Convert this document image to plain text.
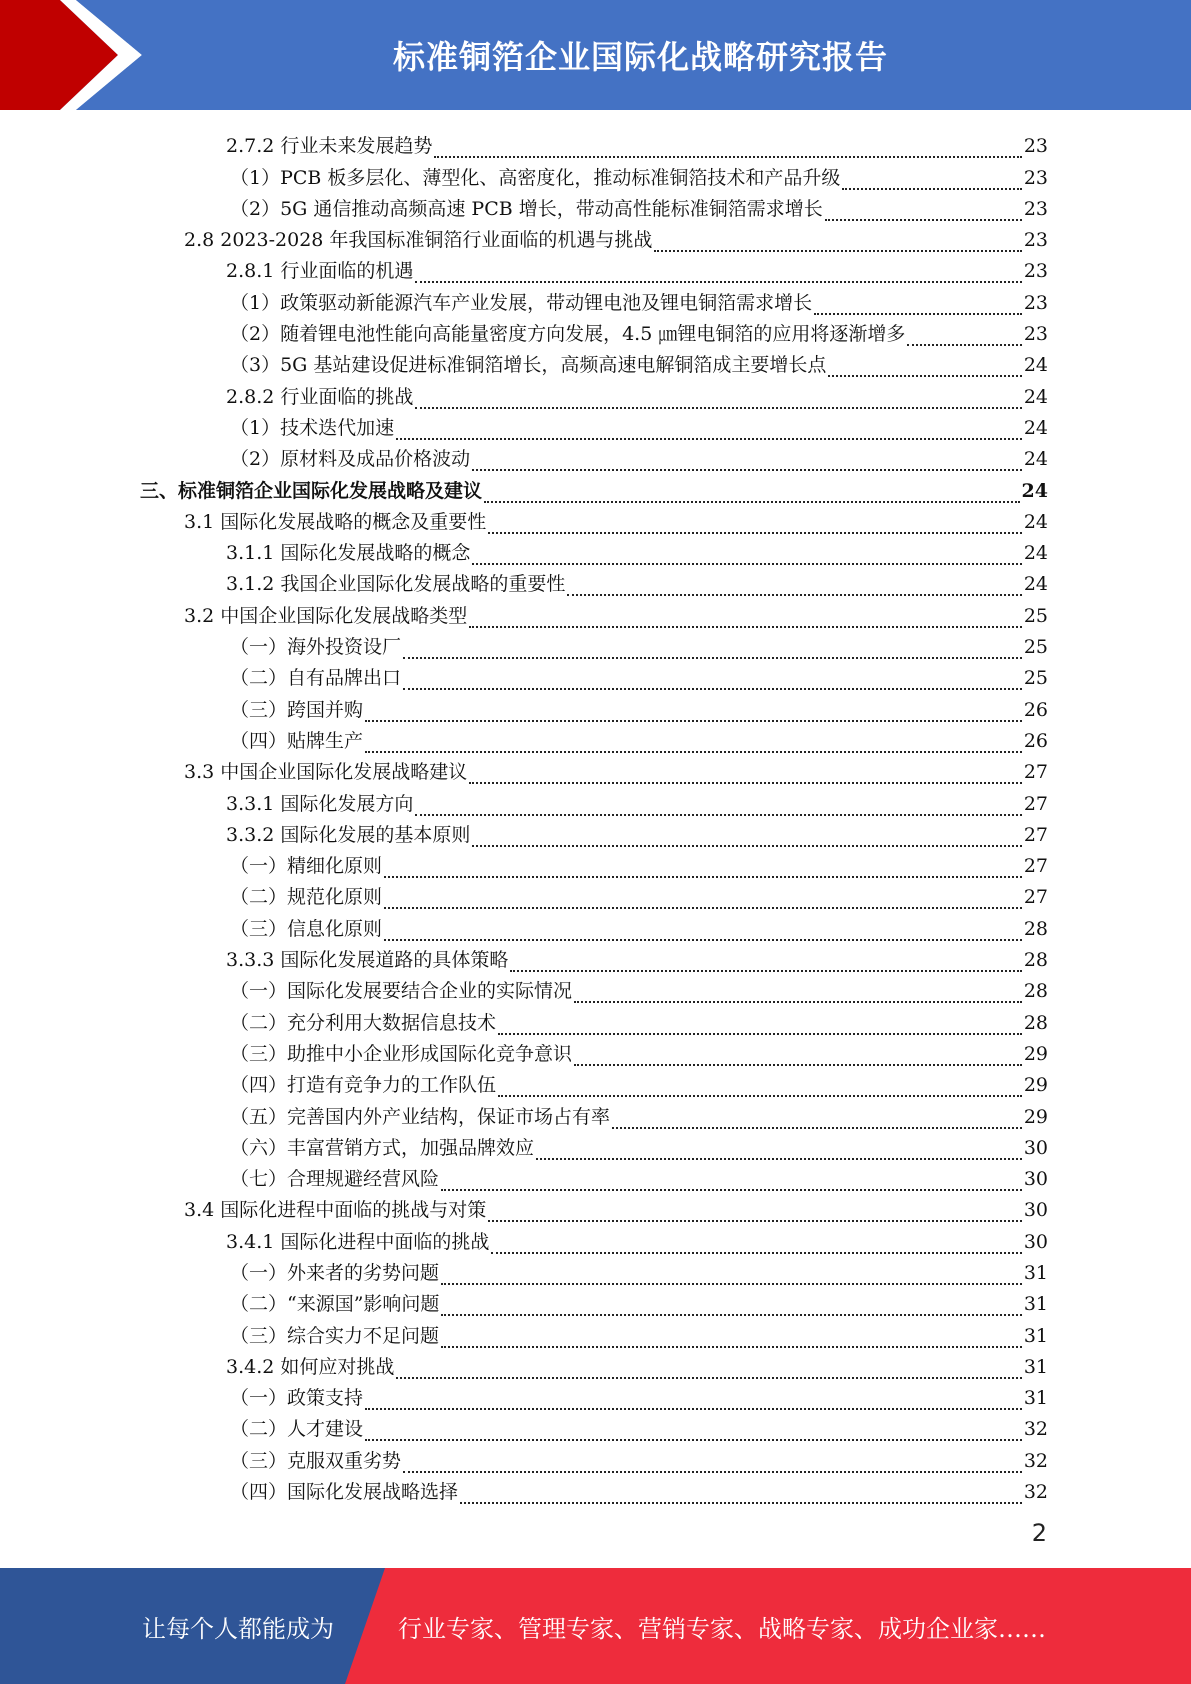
标准铜箔企业国际化战略研究报告
2.7.2 行业未来发展趋势	23
（1）PCB 板多层化、薄型化、高密度化，推动标准铜箔技术和产品升级	23
（2）5G 通信推动高频高速 PCB 增长，带动高性能标准铜箔需求增长	23
2.8 2023-2028 年我国标准铜箔行业面临的机遇与挑战	23
2.8.1 行业面临的机遇	23
（1）政策驱动新能源汽车产业发展，带动锂电池及锂电铜箔需求增长	23
（2）随着锂电池性能向高能量密度方向发展，4.5 ㎛锂电铜箔的应用将逐渐增多	23
（3）5G 基站建设促进标准铜箔增长，高频高速电解铜箔成主要增长点	24
2.8.2 行业面临的挑战	24
（1）技术迭代加速	24
（2）原材料及成品价格波动	24
三、标准铜箔企业国际化发展战略及建议	24
3.1 国际化发展战略的概念及重要性	24
3.1.1 国际化发展战略的概念	24
3.1.2 我国企业国际化发展战略的重要性	24
3.2 中国企业国际化发展战略类型	25
（一）海外投资设厂	25
（二）自有品牌出口	25
（三）跨国并购	26
（四）贴牌生产	26
3.3 中国企业国际化发展战略建议	27
3.3.1 国际化发展方向	27
3.3.2 国际化发展的基本原则	27
（一）精细化原则	27
（二）规范化原则	27
（三）信息化原则	28
3.3.3 国际化发展道路的具体策略	28
（一）国际化发展要结合企业的实际情况	28
（二）充分利用大数据信息技术	28
（三）助推中小企业形成国际化竞争意识	29
（四）打造有竞争力的工作队伍	29
（五）完善国内外产业结构，保证市场占有率	29
（六）丰富营销方式，加强品牌效应	30
（七）合理规避经营风险	30
3.4 国际化进程中面临的挑战与对策	30
3.4.1 国际化进程中面临的挑战	30
（一）外来者的劣势问题	31
（二）“来源国”影响问题	31
（三）综合实力不足问题	31
3.4.2 如何应对挑战	31
（一）政策支持	31
（二）人才建设	32
（三）克服双重劣势	32
（四）国际化发展战略选择	32
2
让每个人都能成为	行业专家、管理专家、营销专家、战略专家、成功企业家……
